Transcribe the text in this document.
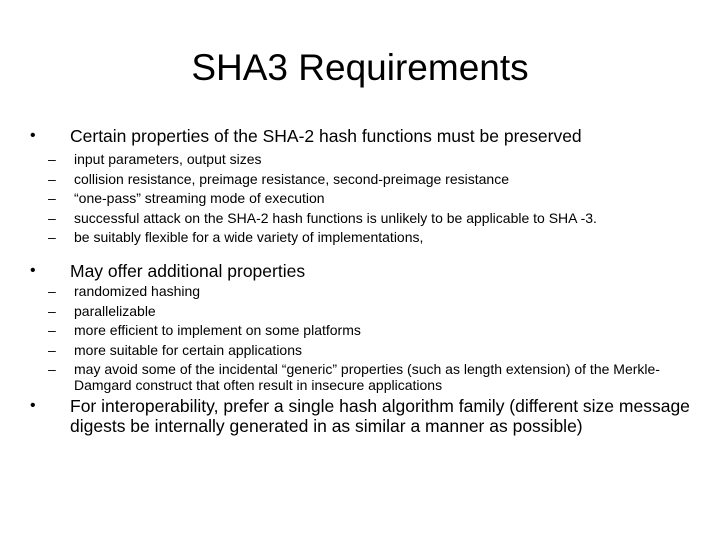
SHA3 Requirements
• Certain properties of the SHA-2 hash functions must be preserved
– input parameters, output sizes
– collision resistance, preimage resistance, second-preimage resistance
– “one-pass” streaming mode of execution
– successful attack on the SHA-2 hash functions is unlikely to be applicable to SHA -3.
– be suitably flexible for a wide variety of implementations,
• May offer additional properties
– randomized hashing
– parallelizable
– more efficient to implement on some platforms
– more suitable for certain applications
– may avoid some of the incidental “generic” properties (such as length extension) of the Merkle-Damgard construct that often result in insecure applications
• For interoperability, prefer a single hash algorithm family (different size message digests be internally generated in as similar a manner as possible)
